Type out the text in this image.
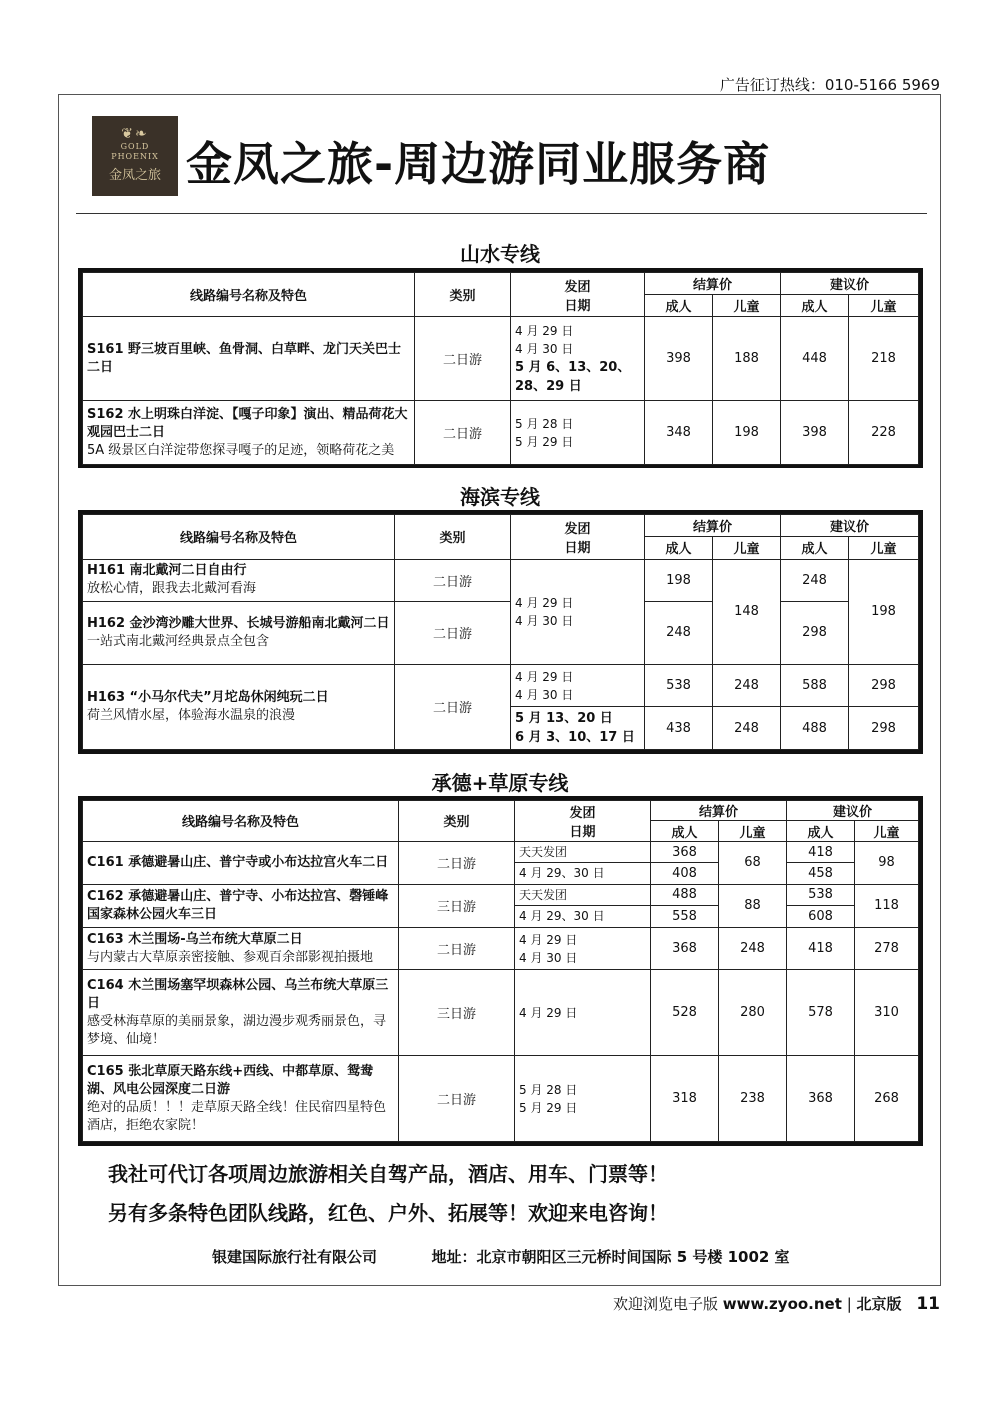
广告征订热线：010-5166 5969
❦❧
GOLD
PHOENIX
金凤之旅 金凤之旅-周边游同业服务商
山水专线
线路编号名称及特色	类别	发团
日期	结算价		建议价	
			成人	儿童	成人	儿童
S161 野三坡百里峡、鱼骨洞、白草畔、龙门天关巴士二日	二日游	4 月 29 日
4 月 30 日
5 月 6、13、20、28、29 日	398	188	448	218
S162 水上明珠白洋淀、【嘎子印象】演出、精品荷花大观园巴士二日
5A 级景区白洋淀带您探寻嘎子的足迹，领略荷花之美	二日游	5 月 28 日
5 月 29 日	348	198	398	228
海滨专线
线路编号名称及特色	类别	发团
日期	结算价		建议价	
			成人	儿童	成人	儿童
H161 南北戴河二日自由行
放松心情，跟我去北戴河看海	二日游	4 月 29 日
4 月 30 日	198	148	248	198
H162 金沙湾沙雕大世界、长城号游船南北戴河二日
一站式南北戴河经典景点全包含	二日游		248		298	
H163 “小马尔代夫”月坨岛休闲纯玩二日
荷兰风情水屋，体验海水温泉的浪漫	二日游	4 月 29 日
4 月 30 日	538	248	588	298
		5 月 13、20 日
6 月 3、10、17 日	438	248	488	298
承德+草原专线
线路编号名称及特色	类别	发团
日期	结算价		建议价	
			成人	儿童	成人	儿童
C161 承德避暑山庄、普宁寺或小布达拉宫火车二日	二日游	天天发团	368	68	418	98
		4 月 29、30 日	408		458	
C162 承德避暑山庄、普宁寺、小布达拉宫、磬锤峰国家森林公园火车三日	三日游	天天发团	488	88	538	118
		4 月 29、30 日	558		608	
C163 木兰围场-乌兰布统大草原二日
与内蒙古大草原亲密接触、参观百余部影视拍摄地	二日游	4 月 29 日
4 月 30 日	368	248	418	278
C164 木兰围场塞罕坝森林公园、乌兰布统大草原三日
感受林海草原的美丽景象，湖边漫步观秀丽景色，寻梦境、仙境！	三日游	4 月 29 日	528	280	578	310
C165 张北草原天路东线+西线、中都草原、鸳鸯湖、风电公园深度二日游
绝对的品质！！！走草原天路全线！住民宿四星特色酒店，拒绝农家院！	二日游	5 月 28 日
5 月 29 日	318	238	368	268
我社可代订各项周边旅游相关自驾产品，酒店、用车、门票等！
另有多条特色团队线路，红色、户外、拓展等！欢迎来电咨询！
银建国际旅行社有限公司	地址：北京市朝阳区三元桥时间国际 5 号楼 1002 室
欢迎浏览电子版 www.zyoo.net | 北京版 11
